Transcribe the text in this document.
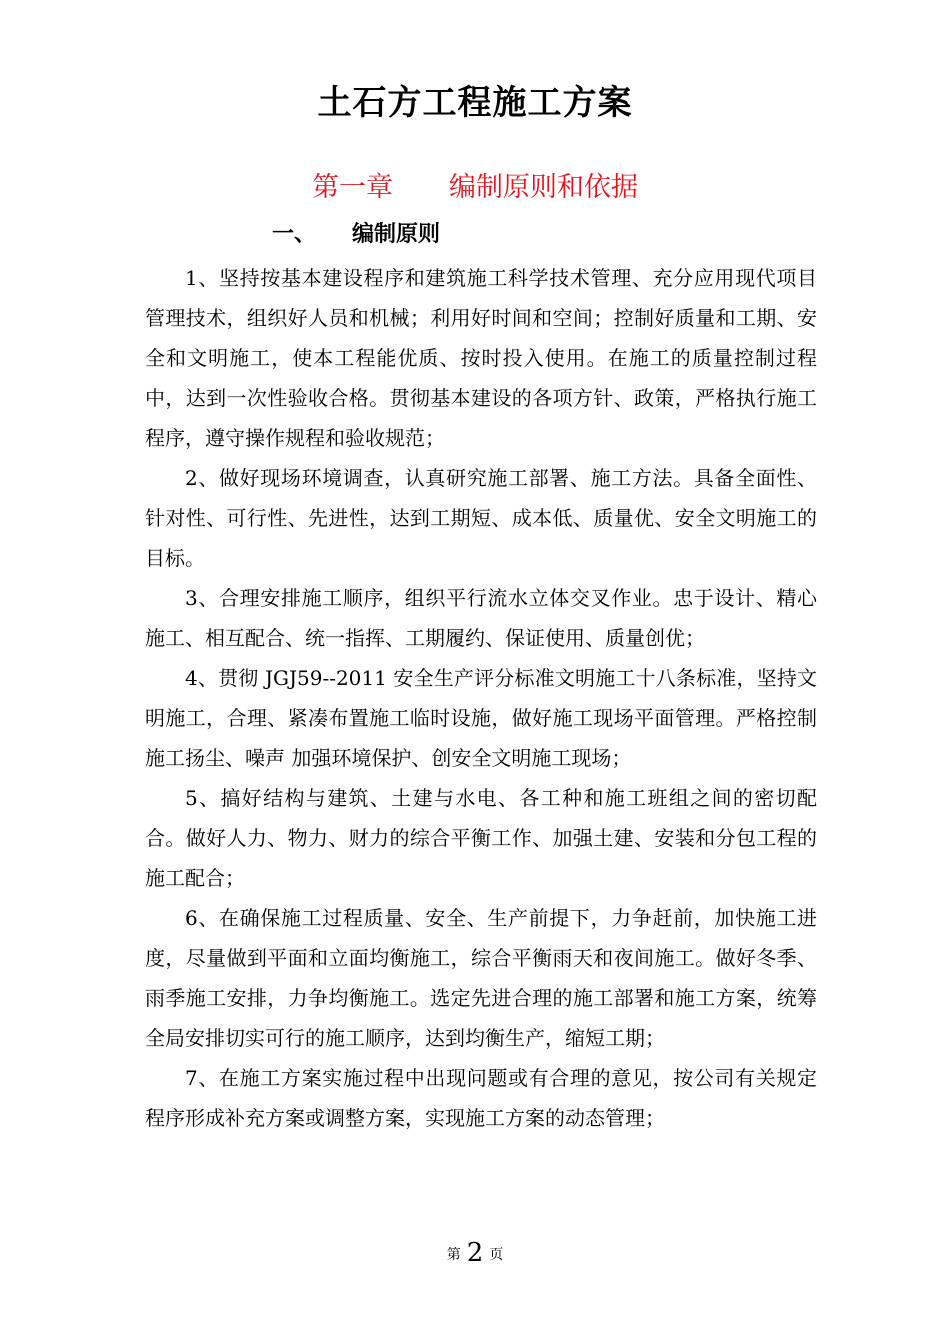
土石方工程施工方案
第一章 编制原则和依据
一、 编制原则

1、坚持按基本建设程序和建筑施工科学技术管理、充分应用现代项目管理技术，组织好人员和机械；利用好时间和空间；控制好质量和工期、安全和文明施工，使本工程能优质、按时投入使用。在施工的质量控制过程中，达到一次性验收合格。贯彻基本建设的各项方针、政策，严格执行施工程序，遵守操作规程和验收规范；

2、做好现场环境调查，认真研究施工部署、施工方法。具备全面性、针对性、可行性、先进性，达到工期短、成本低、质量优、安全文明施工的目标。

3、合理安排施工顺序，组织平行流水立体交叉作业。忠于设计、精心施工、相互配合、统一指挥、工期履约、保证使用、质量创优；

4、贯彻 JGJ59--2011 安全生产评分标准文明施工十八条标准，坚持文明施工，合理、紧凑布置施工临时设施，做好施工现场平面管理。严格控制施工扬尘、噪声 加强环境保护、创安全文明施工现场；

5、搞好结构与建筑、土建与水电、各工种和施工班组之间的密切配合。做好人力、物力、财力的综合平衡工作、加强土建、安装和分包工程的施工配合；

6、在确保施工过程质量、安全、生产前提下，力争赶前，加快施工进度，尽量做到平面和立面均衡施工，综合平衡雨天和夜间施工。做好冬季、雨季施工安排，力争均衡施工。选定先进合理的施工部署和施工方案，统筹全局安排切实可行的施工顺序，达到均衡生产，缩短工期；

7、在施工方案实施过程中出现问题或有合理的意见，按公司有关规定程序形成补充方案或调整方案，实现施工方案的动态管理；

第 2 页
